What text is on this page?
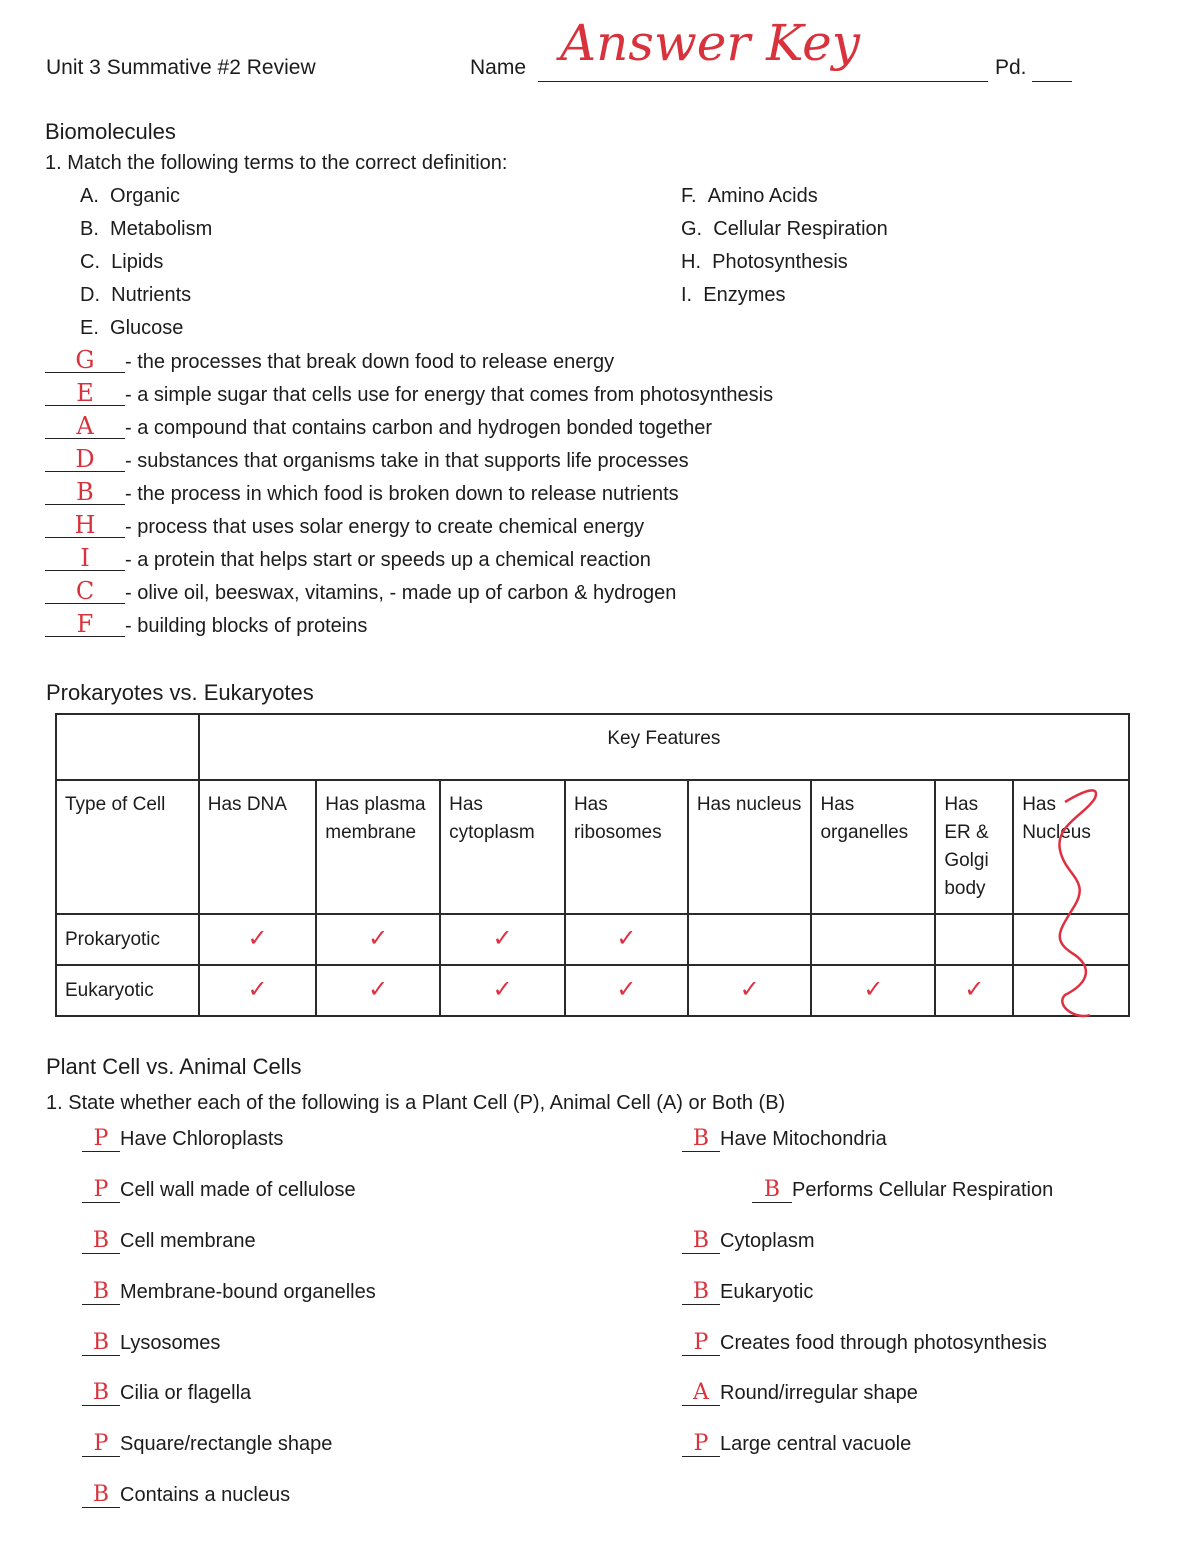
Unit 3 Summative #2 Review	Name Answer Key	Pd.
Biomolecules
1. Match the following terms to the correct definition:
A. Organic
B. Metabolism
C. Lipids
D. Nutrients
E. Glucose
F. Amino Acids
G. Cellular Respiration
H. Photosynthesis
I. Enzymes
G - the processes that break down food to release energy
E - a simple sugar that cells use for energy that comes from photosynthesis
A - a compound that contains carbon and hydrogen bonded together
D - substances that organisms take in that supports life processes
B - the process in which food is broken down to release nutrients
H - process that uses solar energy to create chemical energy
I - a protein that helps start or speeds up a chemical reaction
C - olive oil, beeswax, vitamins, - made up of carbon & hydrogen
F - building blocks of proteins
Prokaryotes vs. Eukaryotes
	Key Features							
Type of Cell	Has DNA	Has plasma membrane	Has cytoplasm	Has ribosomes	Has nucleus	Has organelles	Has ER & Golgi body	Has Nucleus
Prokaryotic	✓	✓	✓	✓				
Eukaryotic	✓	✓	✓	✓	✓	✓	✓	
Plant Cell vs. Animal Cells
1. State whether each of the following is a Plant Cell (P), Animal Cell (A) or Both (B)
P Have Chloroplasts
P Cell wall made of cellulose
B Cell membrane
B Membrane-bound organelles
B Lysosomes
B Cilia or flagella
P Square/rectangle shape
B Contains a nucleus
B Have Mitochondria
B Performs Cellular Respiration
B Cytoplasm
B Eukaryotic
P Creates food through photosynthesis
A Round/irregular shape
P Large central vacuole
